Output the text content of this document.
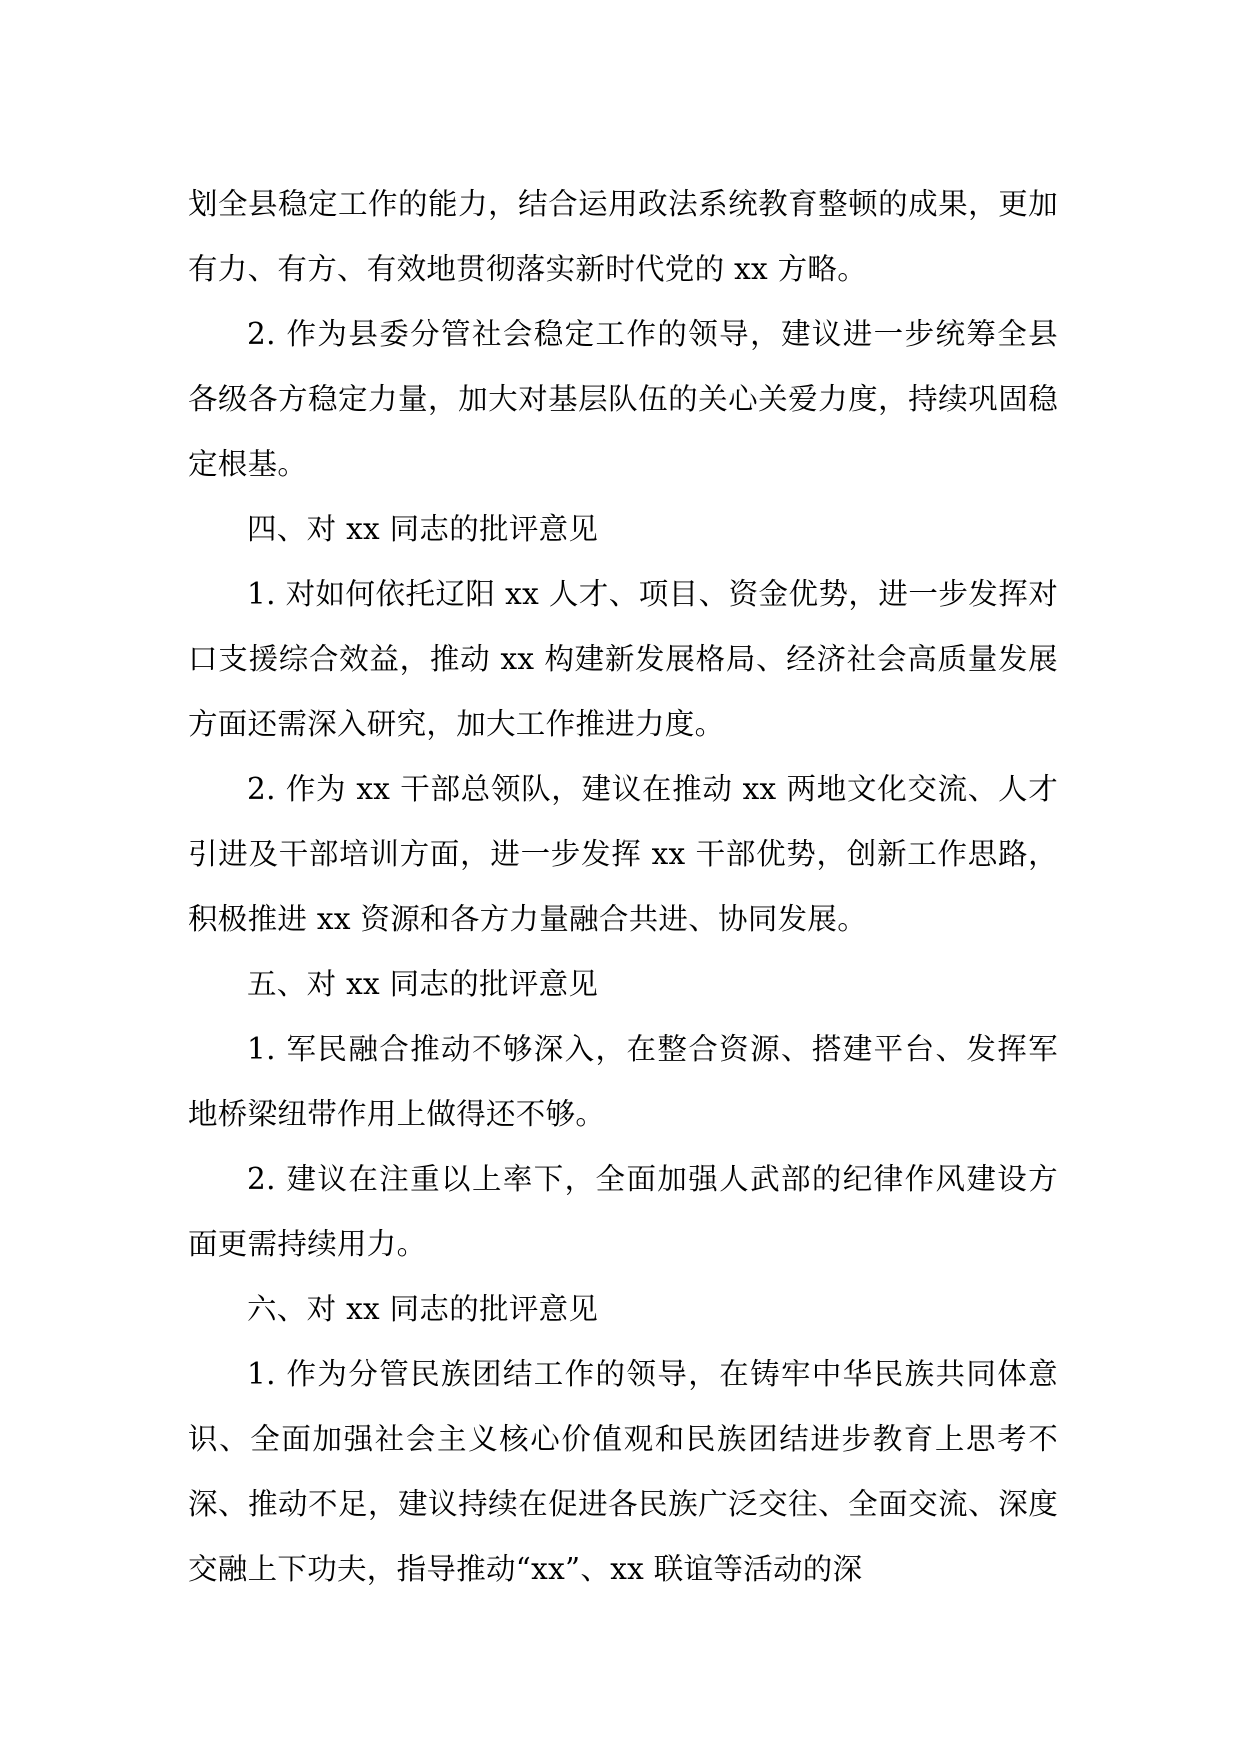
划全县稳定工作的能力，结合运用政法系统教育整顿的成果，更加有力、有方、有效地贯彻落实新时代党的 xx 方略。

2. 作为县委分管社会稳定工作的领导，建议进一步统筹全县各级各方稳定力量，加大对基层队伍的关心关爱力度，持续巩固稳定根基。

四、对 xx 同志的批评意见

1. 对如何依托辽阳 xx 人才、项目、资金优势，进一步发挥对口支援综合效益，推动 xx 构建新发展格局、经济社会高质量发展方面还需深入研究，加大工作推进力度。

2. 作为 xx 干部总领队，建议在推动 xx 两地文化交流、人才引进及干部培训方面，进一步发挥 xx 干部优势，创新工作思路，积极推进 xx 资源和各方力量融合共进、协同发展。

五、对 xx 同志的批评意见

1. 军民融合推动不够深入，在整合资源、搭建平台、发挥军地桥梁纽带作用上做得还不够。

2. 建议在注重以上率下，全面加强人武部的纪律作风建设方面更需持续用力。

六、对 xx 同志的批评意见

1. 作为分管民族团结工作的领导，在铸牢中华民族共同体意识、全面加强社会主义核心价值观和民族团结进步教育上思考不深、推动不足，建议持续在促进各民族广泛交往、全面交流、深度交融上下功夫，指导推动“xx”、xx 联谊等活动的深
